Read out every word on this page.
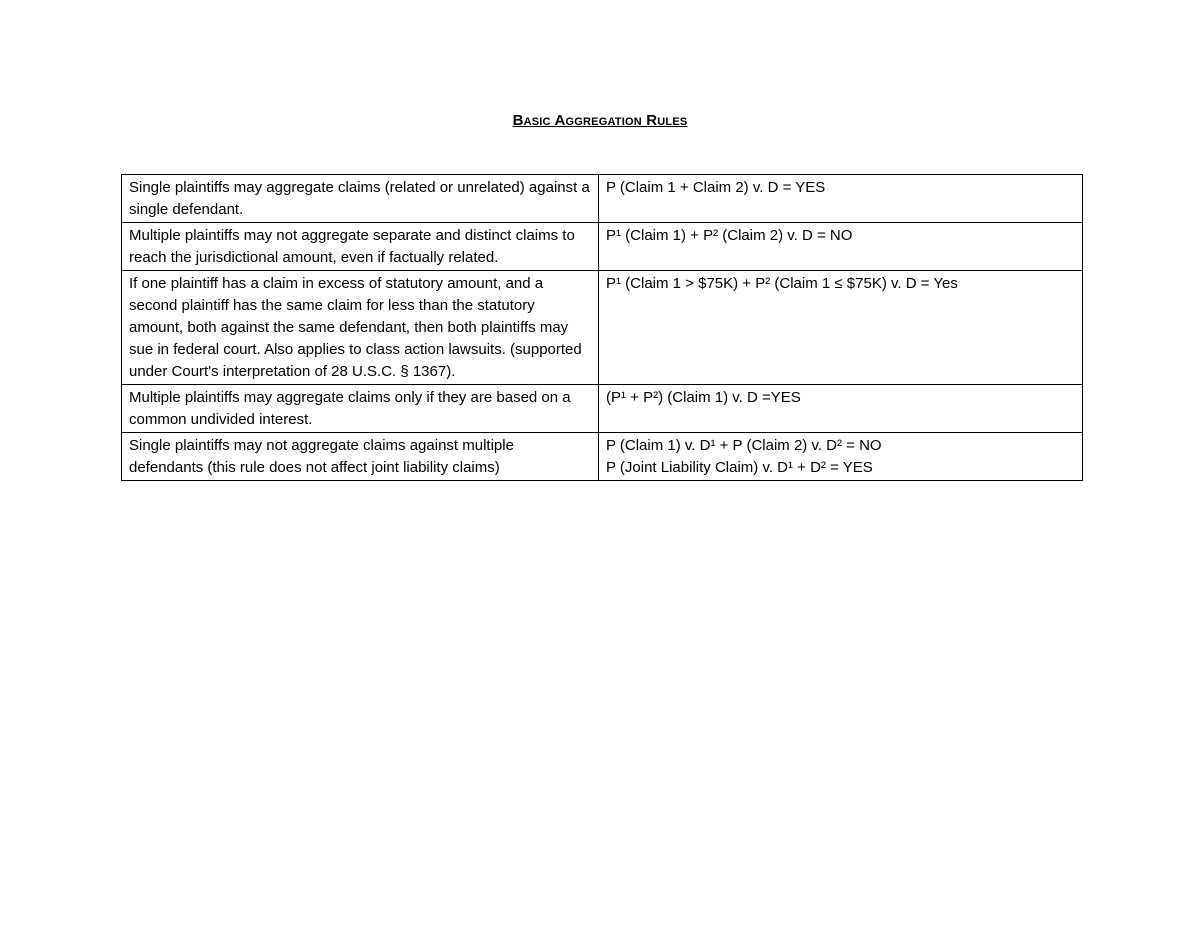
Basic Aggregation Rules
Single plaintiffs may aggregate claims (related or unrelated) against a single defendant.	P (Claim 1 + Claim 2) v. D = YES

Multiple plaintiffs may not aggregate separate and distinct claims to reach the jurisdictional amount, even if factually related.	P¹ (Claim 1) + P² (Claim 2) v. D = NO

If one plaintiff has a claim in excess of statutory amount, and a second plaintiff has the same claim for less than the statutory amount, both against the same defendant, then both plaintiffs may sue in federal court. Also applies to class action lawsuits. (supported under Court's interpretation of 28 U.S.C. § 1367).	P¹ (Claim 1 > $75K) + P² (Claim 1 ≤ $75K) v. D = Yes

Multiple plaintiffs may aggregate claims only if they are based on a common undivided interest.	(P¹ + P²) (Claim 1) v. D =YES

Single plaintiffs may not aggregate claims against multiple defendants (this rule does not affect joint liability claims)	P (Claim 1) v. D¹ + P (Claim 2) v. D² = NO
P (Joint Liability Claim) v. D¹ + D² = YES
